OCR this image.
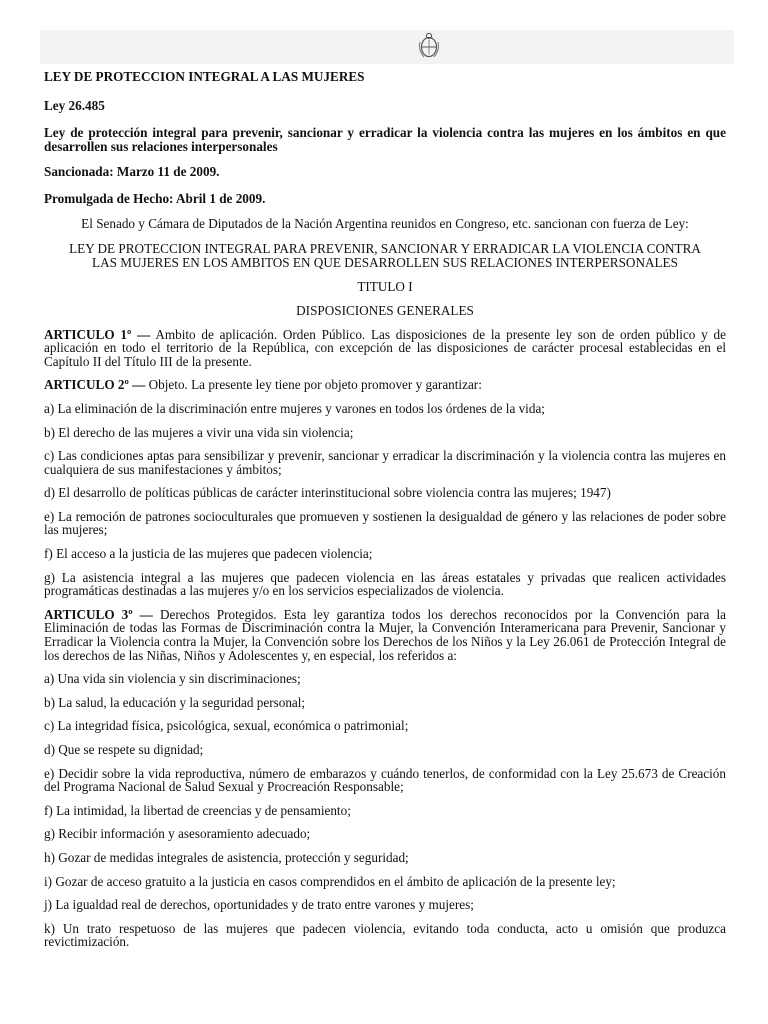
LEY DE PROTECCION INTEGRAL A LAS MUJERES

Ley 26.485

Ley de protección integral para prevenir, sancionar y erradicar la violencia contra las mujeres en los ámbitos en que desarrollen sus relaciones interpersonales

Sancionada: Marzo 11 de 2009.

Promulgada de Hecho: Abril 1 de 2009.

El Senado y Cámara de Diputados de la Nación Argentina reunidos en Congreso, etc. sancionan con fuerza de Ley:

LEY DE PROTECCION INTEGRAL PARA PREVENIR, SANCIONAR Y ERRADICAR LA VIOLENCIA CONTRA LAS MUJERES EN LOS AMBITOS EN QUE DESARROLLEN SUS RELACIONES INTERPERSONALES

TITULO I

DISPOSICIONES GENERALES

ARTICULO 1º — Ambito de aplicación. Orden Público. Las disposiciones de la presente ley son de orden público y de aplicación en todo el territorio de la República, con excepción de las disposiciones de carácter procesal establecidas en el Capítulo II del Título III de la presente.

ARTICULO 2º — Objeto. La presente ley tiene por objeto promover y garantizar:

a) La eliminación de la discriminación entre mujeres y varones en todos los órdenes de la vida;

b) El derecho de las mujeres a vivir una vida sin violencia;

c) Las condiciones aptas para sensibilizar y prevenir, sancionar y erradicar la discriminación y la violencia contra las mujeres en cualquiera de sus manifestaciones y ámbitos;

d) El desarrollo de políticas públicas de carácter interinstitucional sobre violencia contra las mujeres; 1947)

e) La remoción de patrones socioculturales que promueven y sostienen la desigualdad de género y las relaciones de poder sobre las mujeres;

f) El acceso a la justicia de las mujeres que padecen violencia;

g) La asistencia integral a las mujeres que padecen violencia en las áreas estatales y privadas que realicen actividades programáticas destinadas a las mujeres y/o en los servicios especializados de violencia.

ARTICULO 3º — Derechos Protegidos. Esta ley garantiza todos los derechos reconocidos por la Convención para la Eliminación de todas las Formas de Discriminación contra la Mujer, la Convención Interamericana para Prevenir, Sancionar y Erradicar la Violencia contra la Mujer, la Convención sobre los Derechos de los Niños y la Ley 26.061 de Protección Integral de los derechos de las Niñas, Niños y Adolescentes y, en especial, los referidos a:

a) Una vida sin violencia y sin discriminaciones;

b) La salud, la educación y la seguridad personal;

c) La integridad física, psicológica, sexual, económica o patrimonial;

d) Que se respete su dignidad;

e) Decidir sobre la vida reproductiva, número de embarazos y cuándo tenerlos, de conformidad con la Ley 25.673 de Creación del Programa Nacional de Salud Sexual y Procreación Responsable;

f) La intimidad, la libertad de creencias y de pensamiento;

g) Recibir información y asesoramiento adecuado;

h) Gozar de medidas integrales de asistencia, protección y seguridad;

i) Gozar de acceso gratuito a la justicia en casos comprendidos en el ámbito de aplicación de la presente ley;

j) La igualdad real de derechos, oportunidades y de trato entre varones y mujeres;

k) Un trato respetuoso de las mujeres que padecen violencia, evitando toda conducta, acto u omisión que produzca revictimización.
